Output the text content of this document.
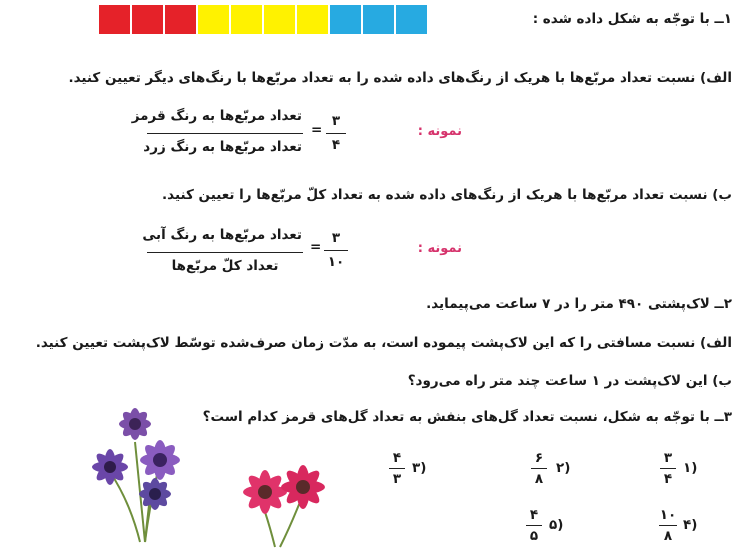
۱ــ با توجّه به شکل داده شده :
الف) نسبت تعداد مربّع‌ها با هریک از رنگ‌های داده شده را به تعداد مربّع‌ها با رنگ‌های دیگر تعیین کنید.
نمونه :
۳
۴
=
تعداد مربّع‌ها به رنگ قرمز
تعداد مربّع‌ها به رنگ زرد
ب) نسبت تعداد مربّع‌ها با هریک از رنگ‌های داده شده به تعداد کلّ مربّع‌ها را تعیین کنید.
نمونه :
۳
۱۰
=
تعداد مربّع‌ها به رنگ آبی
تعداد کلّ مربّع‌ها
۲ــ لاک‌پشتی ۴۹۰ متر را در ۷ ساعت می‌پیماید.
الف) نسبت مسافتی را که این لاک‌پشت پیموده است، به مدّت زمان صرف‌شده توسّط لاک‌پشت تعیین کنید.
ب) این لاک‌پشت در ۱ ساعت چند متر راه می‌رود؟
۳ــ با توجّه به شکل، نسبت تعداد گل‌های بنفش به تعداد گل‌های قرمز کدام است؟
۱)
۳
۴
۲)
۶
۸
۳)
۴
۳
۴)
۱۰
۸
۵)
۴
۵
